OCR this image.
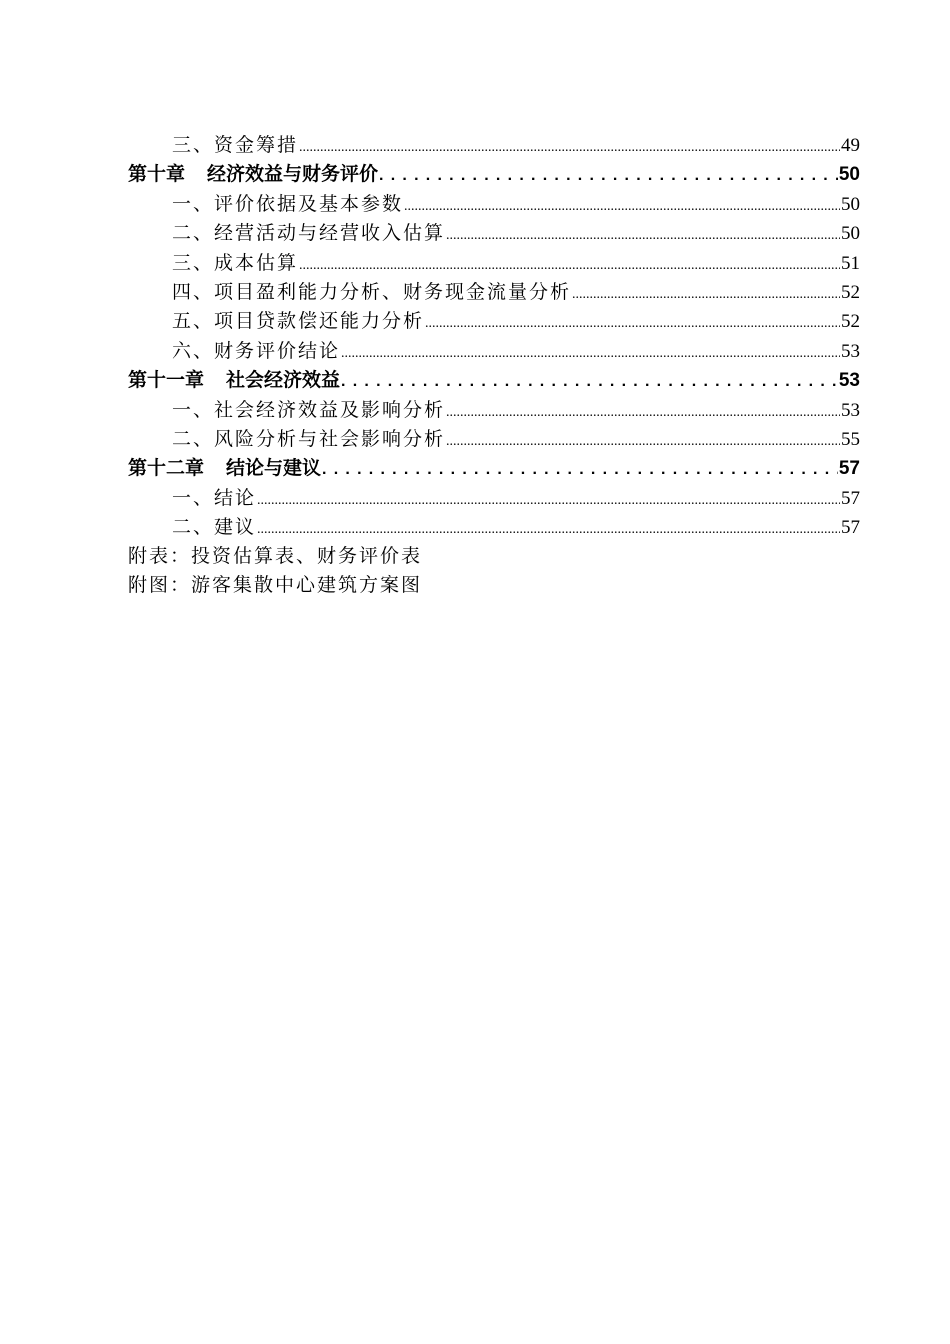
三、资金筹措 .....	49
第十章 经济效益与财务评价 . . .	50
一、评价依据及基本参数 .....	50
二、经营活动与经营收入估算 .....	50
三、成本估算 .....	51
四、项目盈利能力分析、财务现金流量分析 .....	52
五、项目贷款偿还能力分析 .....	52
六、财务评价结论 .....	53
第十一章 社会经济效益 . . .	53
一、社会经济效益及影响分析 .....	53
二、风险分析与社会影响分析 .....	55
第十二章 结论与建议 . . .	57
一、结论 .....	57
二、建议 .....	57
附表：投资估算表、财务评价表
附图：游客集散中心建筑方案图
